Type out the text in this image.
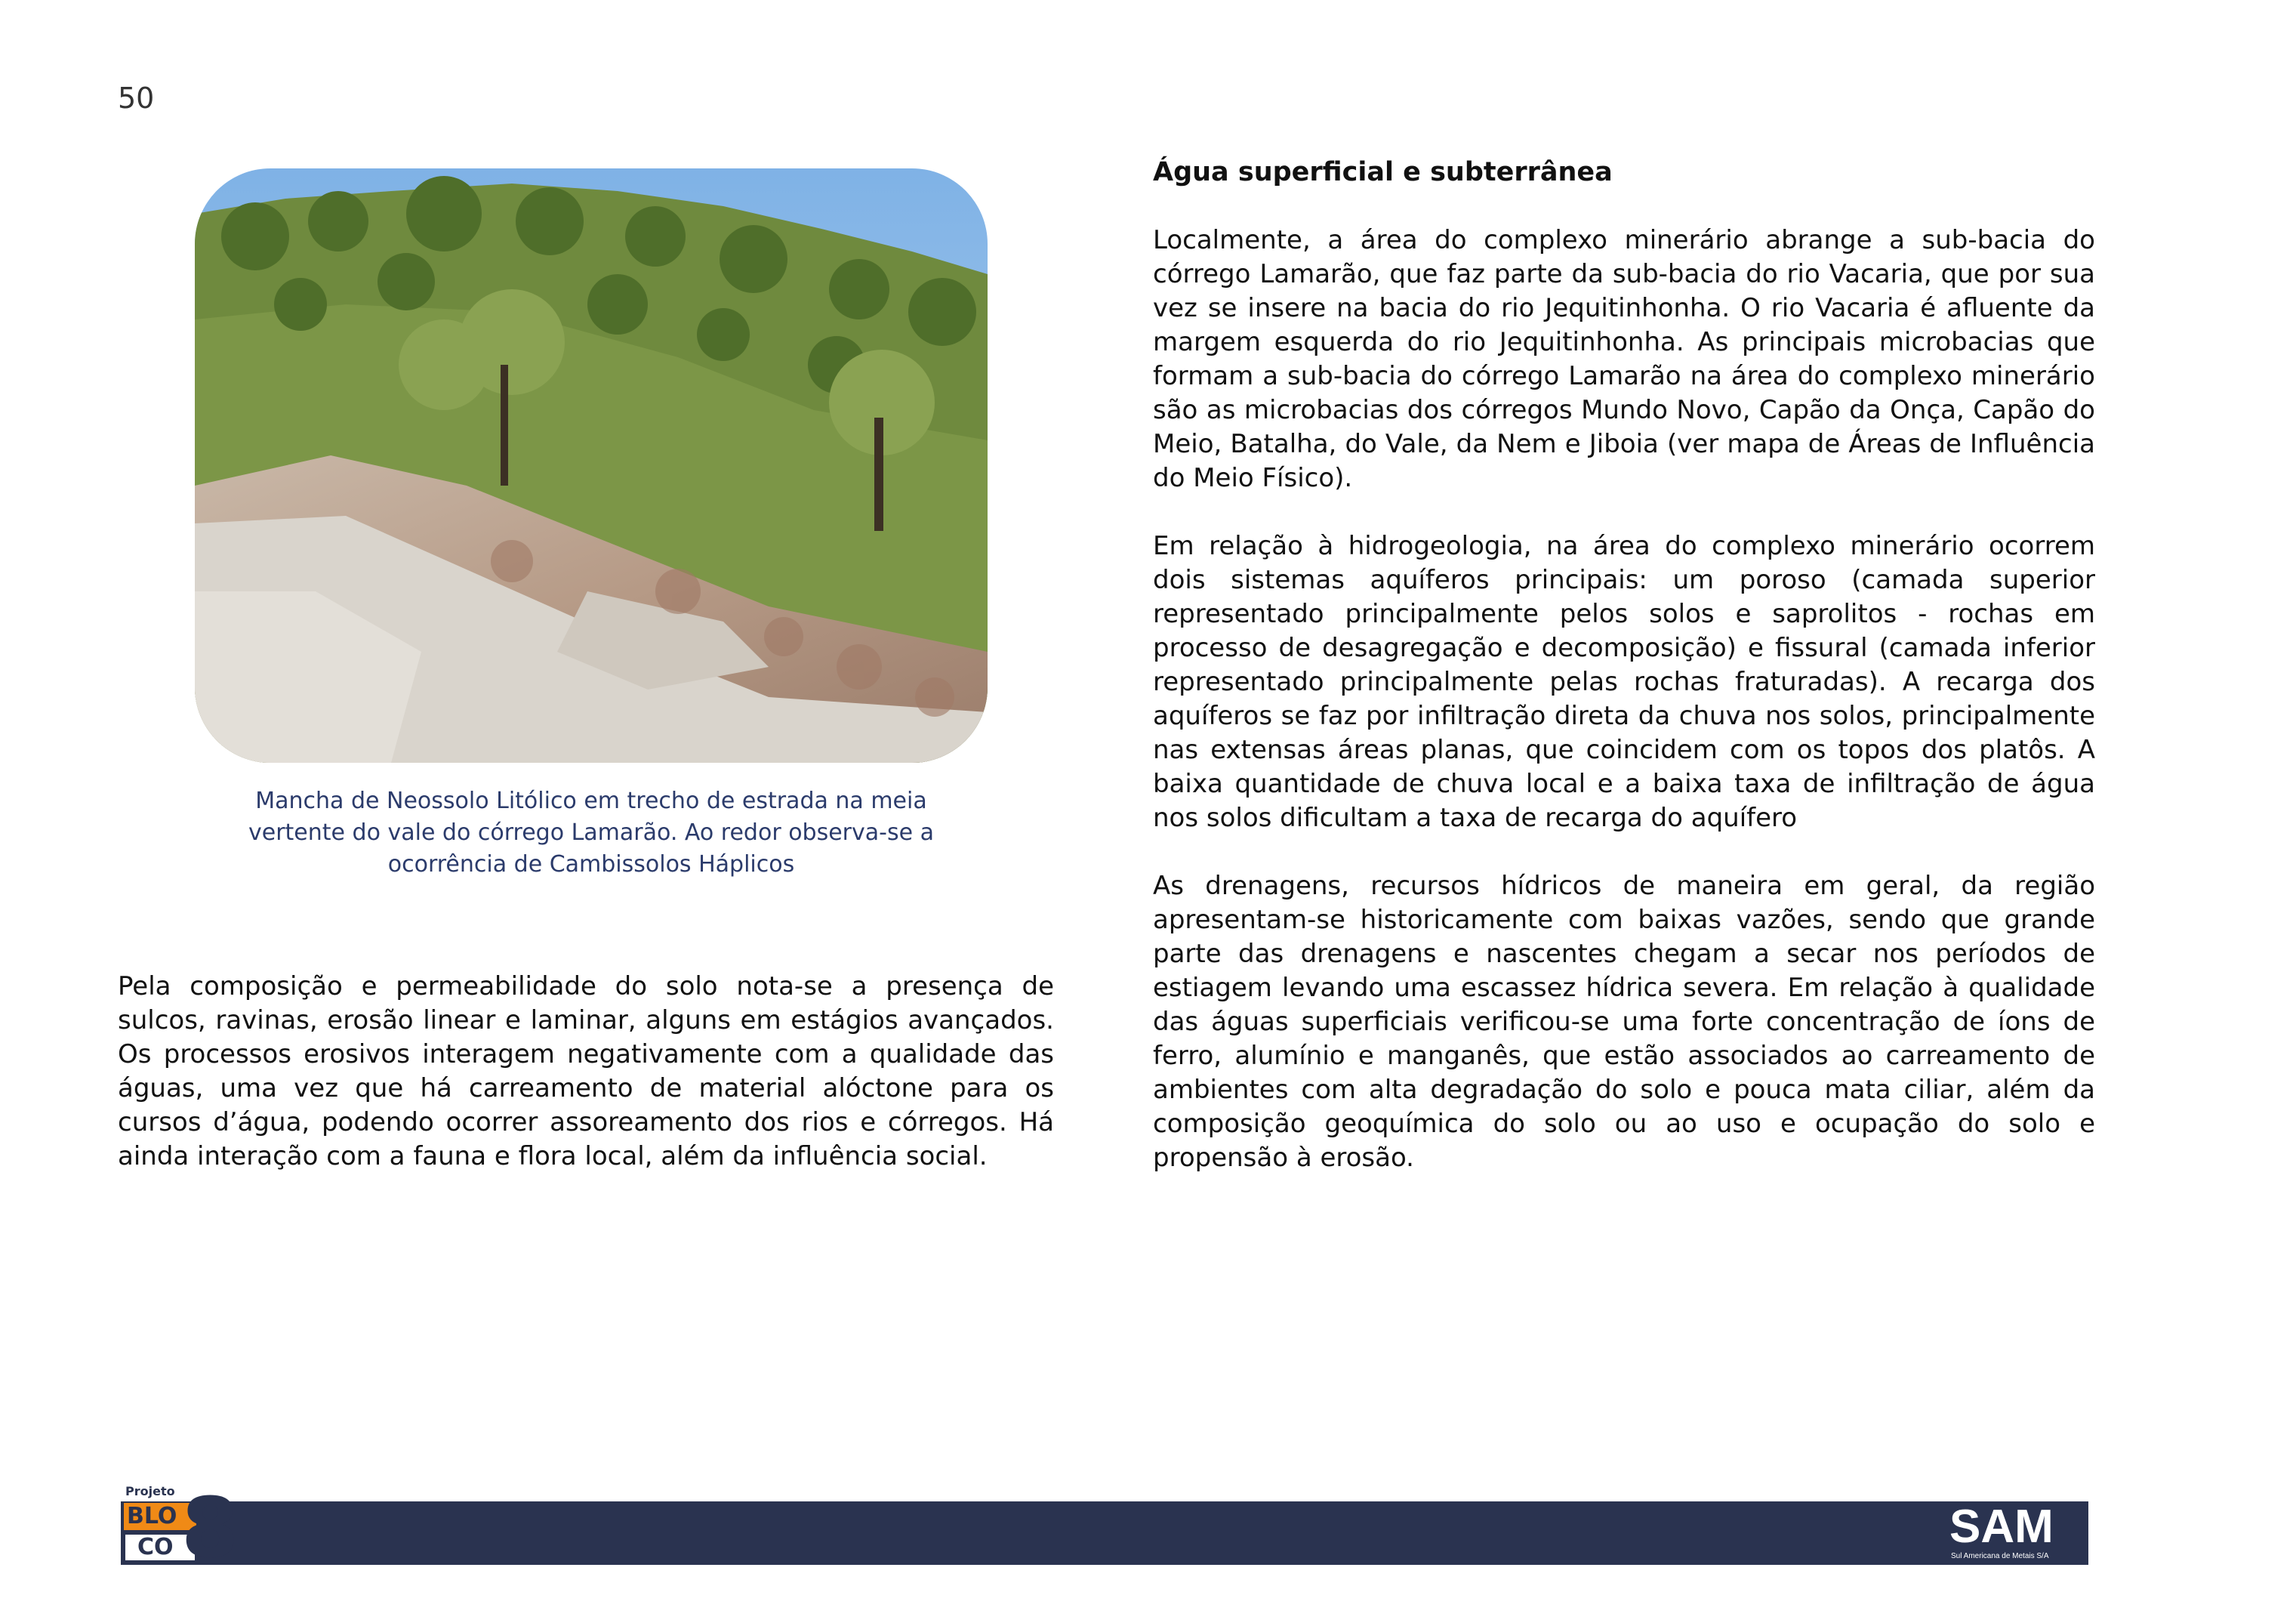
50
Mancha de Neossolo Litólico em trecho de estrada na meia
vertente do vale do córrego Lamarão. Ao redor observa-se a
ocorrência de Cambissolos Háplicos

Pela composição e permeabilidade do solo nota-se a presença de sulcos, ravinas, erosão linear e laminar, alguns em estágios avançados. Os processos erosivos interagem negativamente com a qualidade das águas, uma vez que há carreamento de material alóctone para os cursos d’água, podendo ocorrer assoreamento dos rios e córregos. Há ainda interação com a fauna e flora local, além da influência social.

Água superficial e subterrânea

Localmente, a área do complexo minerário abrange a sub-bacia do córrego Lamarão, que faz parte da sub-bacia do rio Vacaria, que por sua vez se insere na bacia do rio Jequitinhonha. O rio Vacaria é afluente da margem esquerda do rio Jequitinhonha. As principais microbacias que formam a sub-bacia do córrego Lamarão na área do complexo minerário são as microbacias dos córregos Mundo Novo, Capão da Onça, Capão do Meio, Batalha, do Vale, da Nem e Jiboia (ver mapa de Áreas de Influência do Meio Físico).

Em relação à hidrogeologia, na área do complexo minerário ocorrem dois sistemas aquíferos principais: um poroso (camada superior representado principalmente pelos solos e saprolitos - rochas em processo de desagregação e decomposição) e fissural (camada inferior representado principalmente pelas rochas fraturadas). A recarga dos aquíferos se faz por infiltração direta da chuva nos solos, principalmente nas extensas áreas planas, que coincidem com os topos dos platôs. A baixa quantidade de chuva local e a baixa taxa de infiltração de água nos solos dificultam a taxa de recarga do aquífero

As drenagens, recursos hídricos de maneira em geral, da região apresentam-se historicamente com baixas vazões, sendo que grande parte das drenagens e nascentes chegam a secar nos períodos de estiagem levando uma escassez hídrica severa. Em relação à qualidade das águas superficiais verificou-se uma forte concentração de íons de ferro, alumínio e manganês, que estão associados ao carreamento de ambientes com alta degradação do solo e pouca mata ciliar, além da composição geoquímica do solo ou ao uso e ocupação do solo e propensão à erosão.

Projeto
BLO
CO 8	SAM
Sul Americana de Metais S/A
